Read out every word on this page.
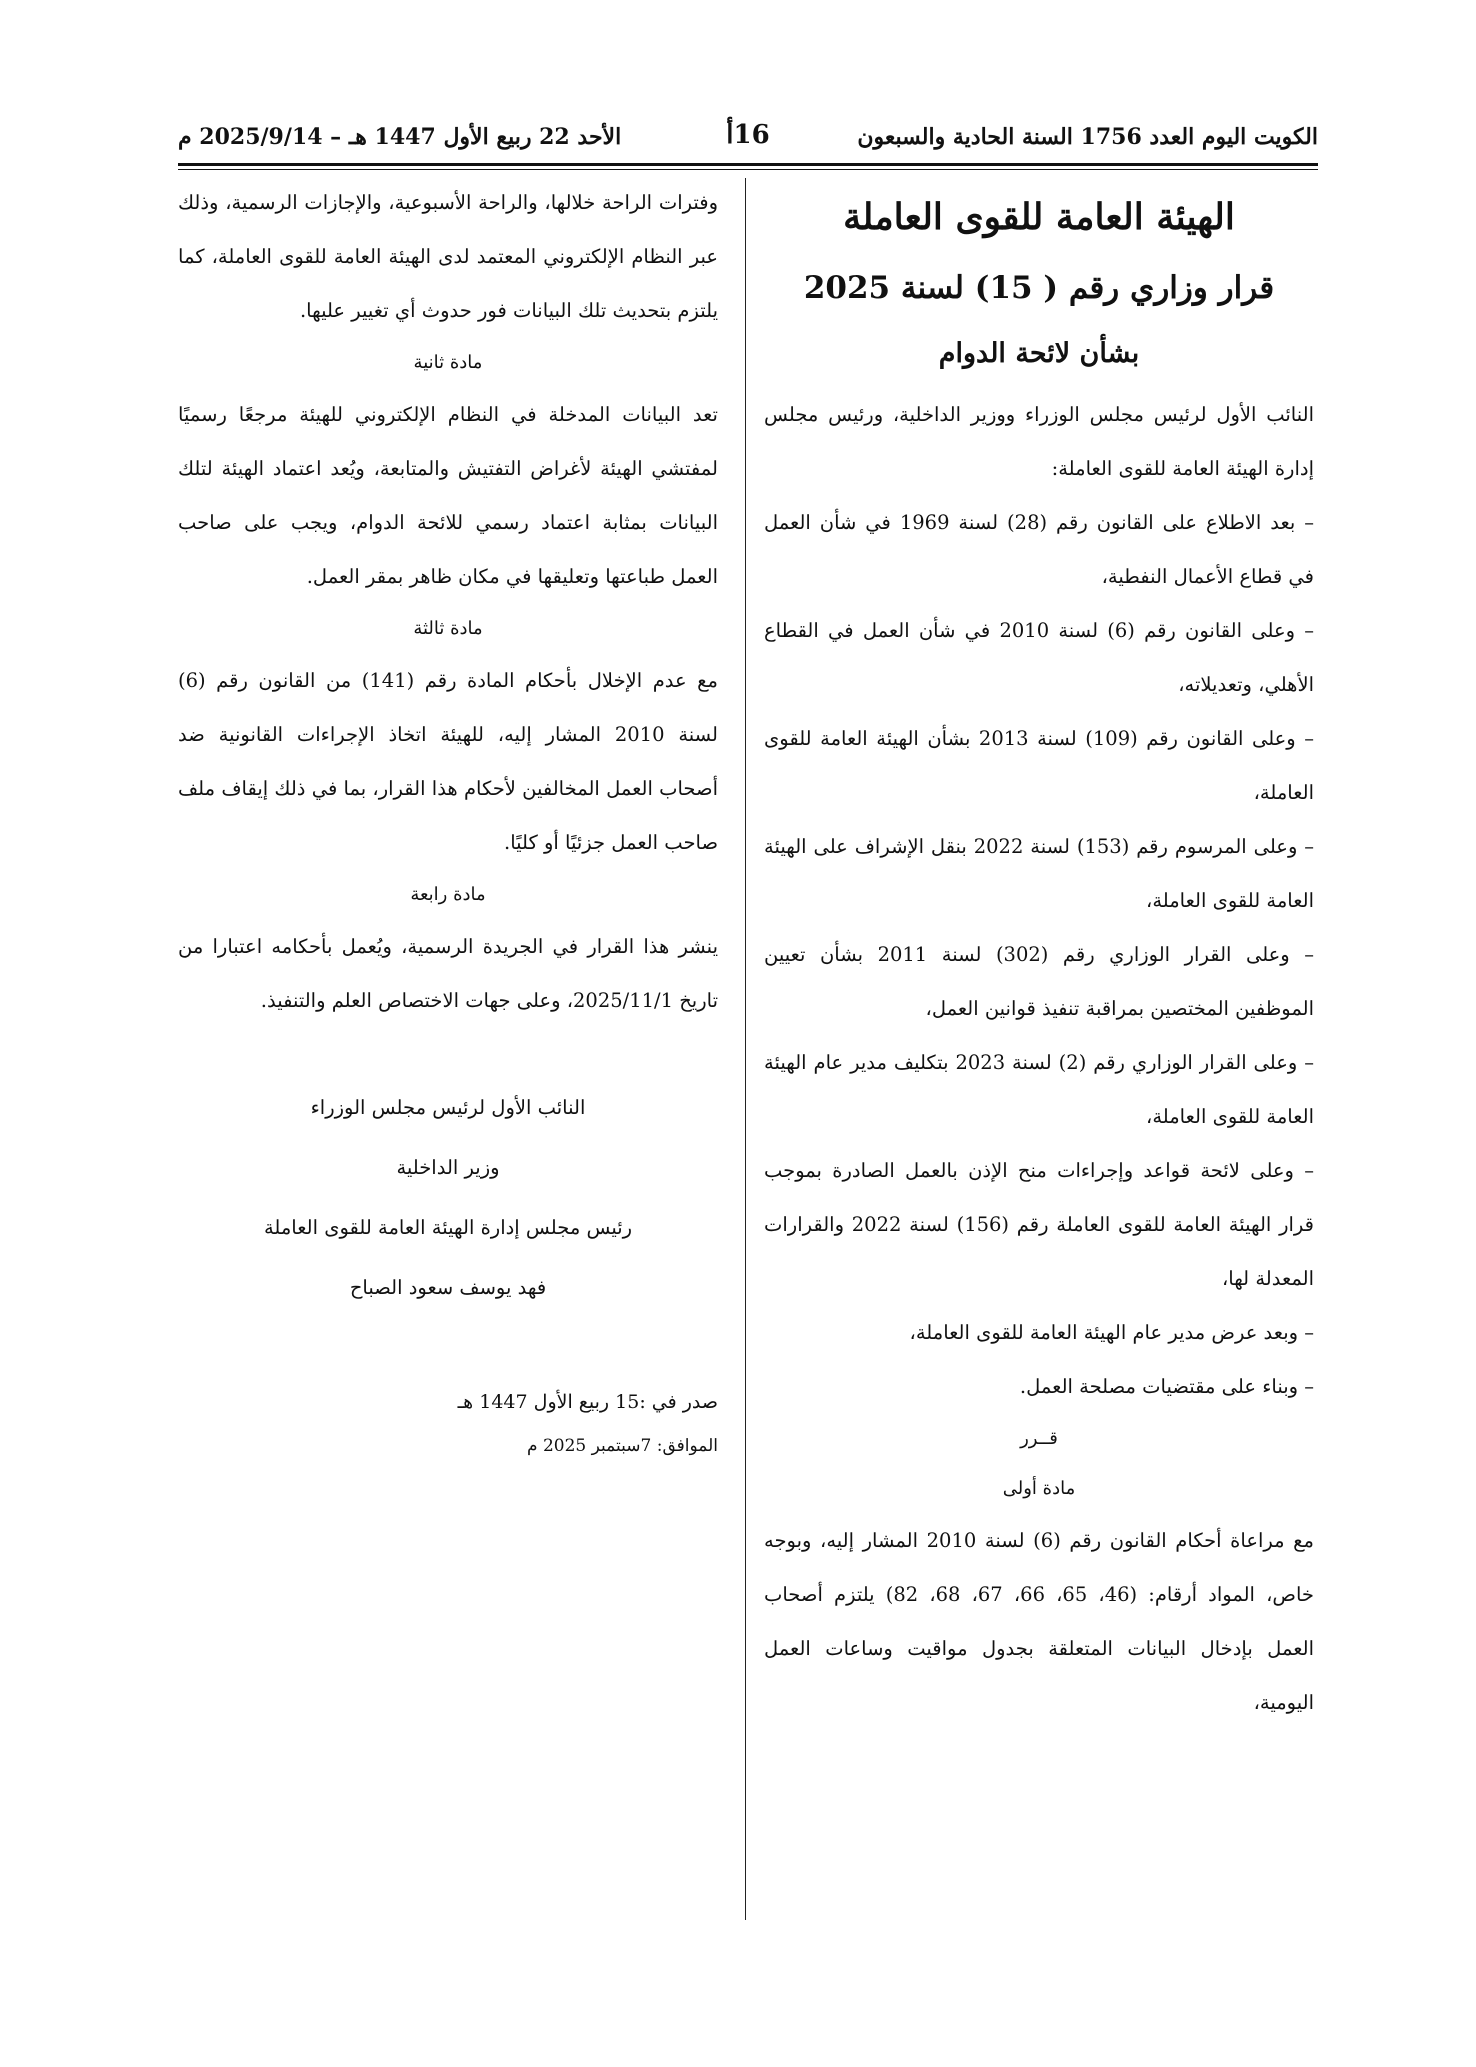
الكويت اليوم العدد 1756 السنة الحادية والسبعون
16أ
الأحد 22 ربيع الأول 1447 هـ – 2025/9/14 م
الهيئة العامة للقوى العاملة
قرار وزاري رقم ( 15) لسنة 2025
بشأن لائحة الدوام

النائب الأول لرئيس مجلس الوزراء ووزير الداخلية، ورئيس مجلس إدارة الهيئة العامة للقوى العاملة:

– بعد الاطلاع على القانون رقم (28) لسنة 1969 في شأن العمل في قطاع الأعمال النفطية،

– وعلى القانون رقم (6) لسنة 2010 في شأن العمل في القطاع الأهلي، وتعديلاته،

– وعلى القانون رقم (109) لسنة 2013 بشأن الهيئة العامة للقوى العاملة،

– وعلى المرسوم رقم (153) لسنة 2022 بنقل الإشراف على الهيئة العامة للقوى العاملة،

– وعلى القرار الوزاري رقم (302) لسنة 2011 بشأن تعيين الموظفين المختصين بمراقبة تنفيذ قوانين العمل،

– وعلى القرار الوزاري رقم (2) لسنة 2023 بتكليف مدير عام الهيئة العامة للقوى العاملة،

– وعلى لائحة قواعد وإجراءات منح الإذن بالعمل الصادرة بموجب قرار الهيئة العامة للقوى العاملة رقم (156) لسنة 2022 والقرارات المعدلة لها،

– وبعد عرض مدير عام الهيئة العامة للقوى العاملة،

– وبناء على مقتضيات مصلحة العمل.

قــرر
مادة أولى

مع مراعاة أحكام القانون رقم (6) لسنة 2010 المشار إليه، وبوجه خاص، المواد أرقام: (46، 65، 66، 67، 68، 82) يلتزم أصحاب العمل بإدخال البيانات المتعلقة بجدول مواقيت وساعات العمل اليومية،

وفترات الراحة خلالها، والراحة الأسبوعية، والإجازات الرسمية، وذلك عبر النظام الإلكتروني المعتمد لدى الهيئة العامة للقوى العاملة، كما يلتزم بتحديث تلك البيانات فور حدوث أي تغيير عليها.

مادة ثانية

تعد البيانات المدخلة في النظام الإلكتروني للهيئة مرجعًا رسميًا لمفتشي الهيئة لأغراض التفتيش والمتابعة، ويُعد اعتماد الهيئة لتلك البيانات بمثابة اعتماد رسمي للائحة الدوام، ويجب على صاحب العمل طباعتها وتعليقها في مكان ظاهر بمقر العمل.

مادة ثالثة

مع عدم الإخلال بأحكام المادة رقم (141) من القانون رقم (6) لسنة 2010 المشار إليه، للهيئة اتخاذ الإجراءات القانونية ضد أصحاب العمل المخالفين لأحكام هذا القرار، بما في ذلك إيقاف ملف صاحب العمل جزئيًا أو كليًا.

مادة رابعة

ينشر هذا القرار في الجريدة الرسمية، ويُعمل بأحكامه اعتبارا من تاريخ 2025/11/1، وعلى جهات الاختصاص العلم والتنفيذ.

النائب الأول لرئيس مجلس الوزراء
وزير الداخلية
رئيس مجلس إدارة الهيئة العامة للقوى العاملة
فهد يوسف سعود الصباح
صدر في :15 ربيع الأول 1447 هـ
الموافق: 7سبتمبر 2025 م
